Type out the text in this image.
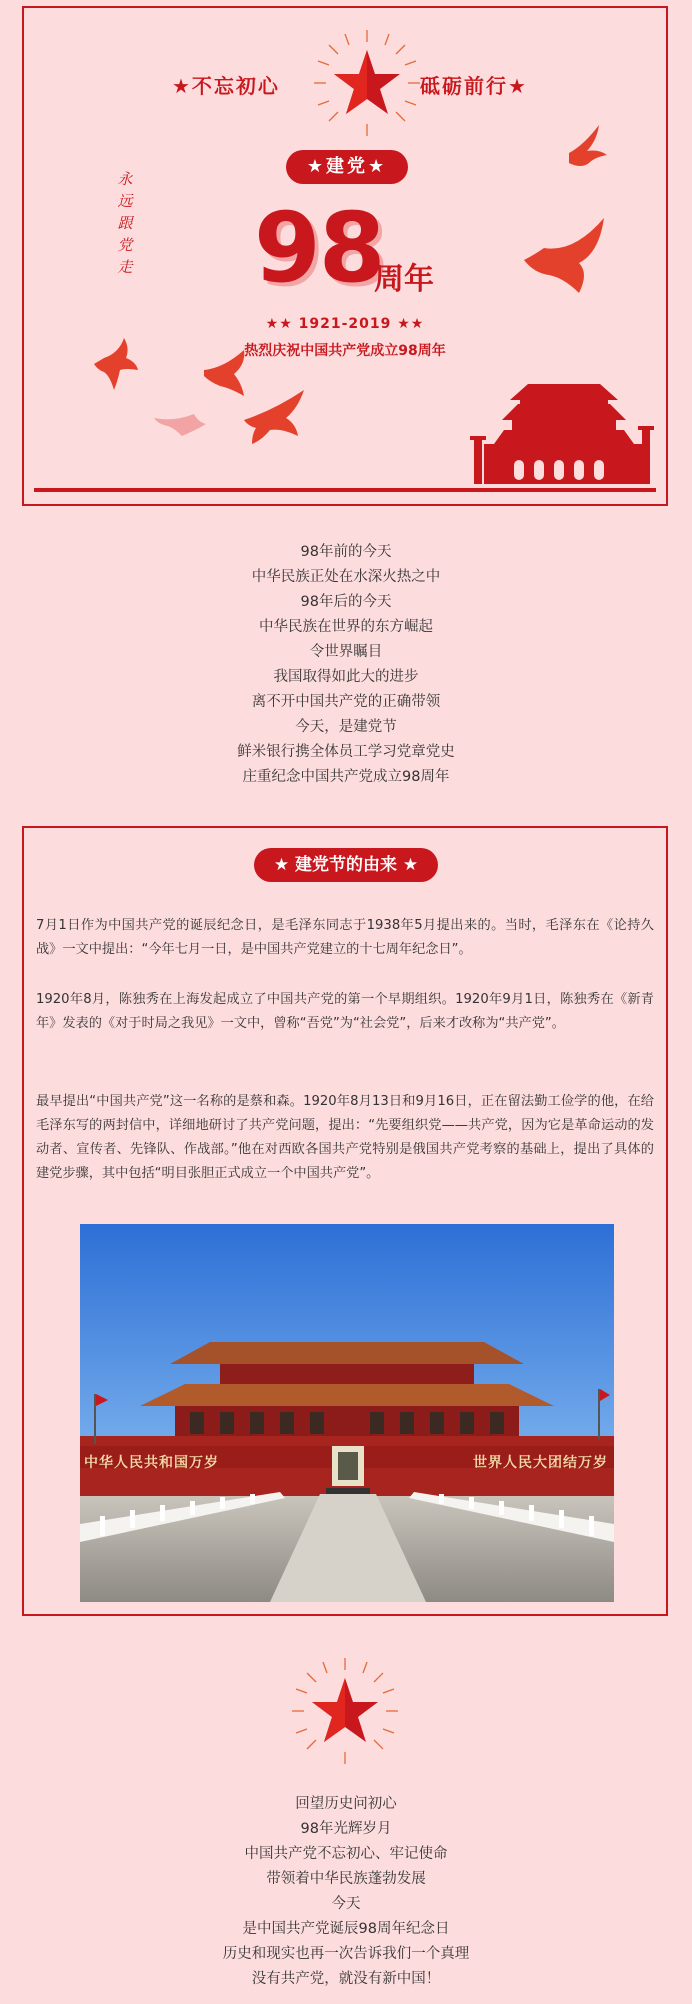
★不忘初心	砥砺前行★
永
远
跟
党
走
★建党★
98
周年
★★ 1921-2019 ★★
热烈庆祝中国共产党成立98周年
98年前的今天
中华民族正处在水深火热之中
98年后的今天
中华民族在世界的东方崛起
令世界瞩目
我国取得如此大的进步
离不开中国共产党的正确带领
今天，是建党节
鲜米银行携全体员工学习党章党史
庄重纪念中国共产党成立98周年
★ 建党节的由来 ★
7月1日作为中国共产党的诞辰纪念日，是毛泽东同志于1938年5月提出来的。当时，毛泽东在《论持久战》一文中提出：“今年七月一日，是中国共产党建立的十七周年纪念日”。
1920年8月，陈独秀在上海发起成立了中国共产党的第一个早期组织。1920年9月1日，陈独秀在《新青年》发表的《对于时局之我见》一文中，曾称“吾党”为“社会党”，后来才改称为“共产党”。
最早提出“中国共产党”这一名称的是蔡和森。1920年8月13日和9月16日，正在留法勤工俭学的他，在给毛泽东写的两封信中，详细地研讨了共产党问题，提出：“先要组织党——共产党，因为它是革命运动的发动者、宣传者、先锋队、作战部。”他在对西欧各国共产党特别是俄国共产党考察的基础上，提出了具体的建党步骤，其中包括“明目张胆正式成立一个中国共产党”。
中华人民共和国万岁	世界人民大团结万岁
回望历史问初心
98年光辉岁月
中国共产党不忘初心、牢记使命
带领着中华民族蓬勃发展
今天
是中国共产党诞辰98周年纪念日
历史和现实也再一次告诉我们一个真理
没有共产党，就没有新中国！
